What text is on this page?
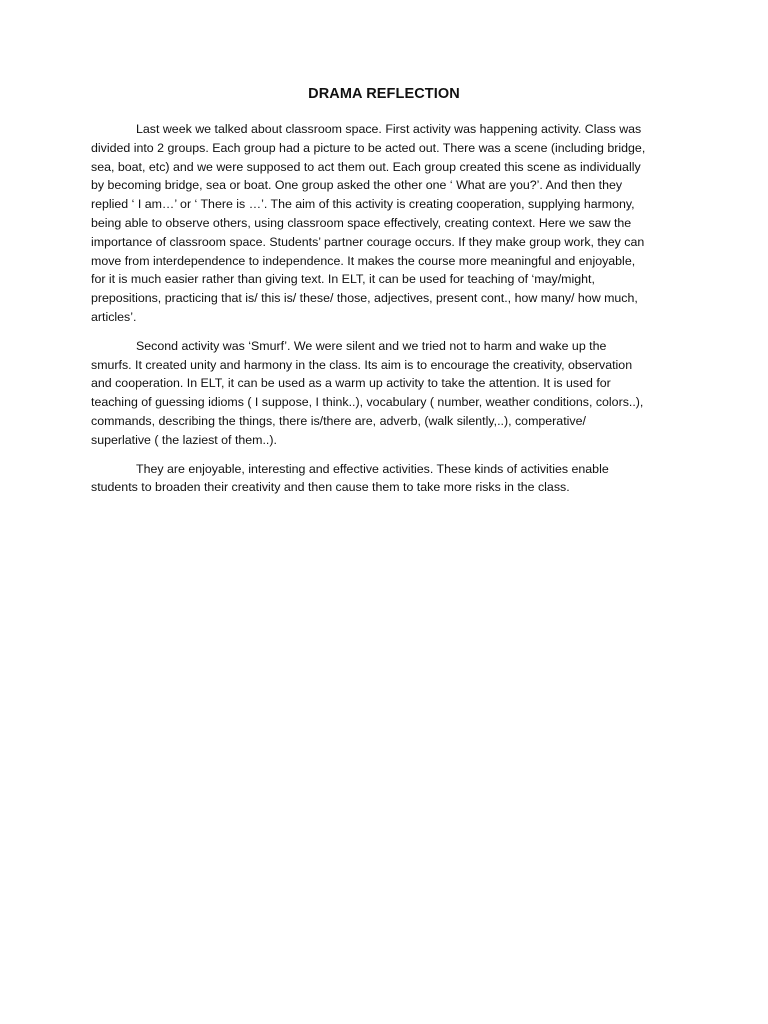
DRAMA REFLECTION
Last week we talked about classroom space. First activity was happening activity. Class was
divided into 2 groups. Each group had a picture to be acted out. There was a scene (including bridge,
sea, boat, etc) and we were supposed to act them out. Each group created this scene as individually
by becoming bridge, sea or boat. One group asked the other one ‘ What are you?’. And then they
replied ‘ I am…’ or ‘ There is …’. The aim of this activity is creating cooperation, supplying harmony,
being able to observe others, using classroom space effectively, creating context. Here we saw the
importance of classroom space. Students’ partner courage occurs. If they make group work, they can
move from interdependence to independence. It makes the course more meaningful and enjoyable,
for it is much easier rather than giving text. In ELT, it can be used for teaching of ‘may/might,
prepositions, practicing that is/ this is/ these/ those, adjectives, present cont., how many/ how much,
articles’.
Second activity was ‘Smurf’. We were silent and we tried not to harm and wake up the
smurfs. It created unity and harmony in the class. Its aim is to encourage the creativity, observation
and cooperation. In ELT, it can be used as a warm up activity to take the attention. It is used for
teaching of guessing idioms ( I suppose, I think..), vocabulary ( number, weather conditions, colors..),
commands, describing the things, there is/there are, adverb, (walk silently,..), comperative/
superlative ( the laziest of them..).
They are enjoyable, interesting and effective activities. These kinds of activities enable
students to broaden their creativity and then cause them to take more risks in the class.
